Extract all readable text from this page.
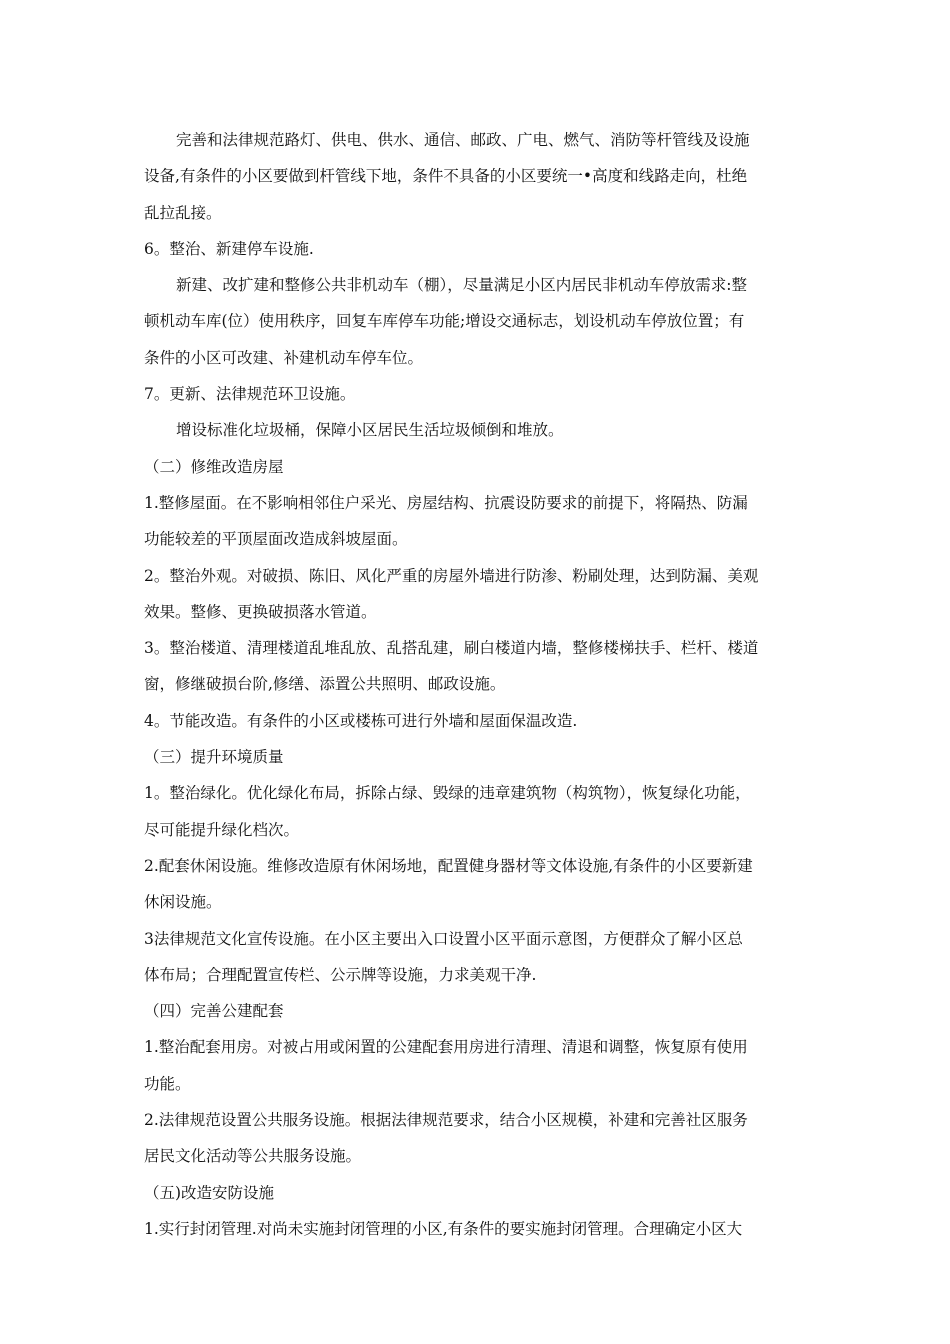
完善和法律规范路灯、供电、供水、通信、邮政、广电、燃气、消防等杆管线及设施
设备,有条件的小区要做到杆管线下地，条件不具备的小区要统一•高度和线路走向，杜绝
乱拉乱接。
6。整治、新建停车设施.
新建、改扩建和整修公共非机动车（棚），尽量满足小区内居民非机动车停放需求:整
顿机动车库(位）使用秩序，回复车库停车功能;增设交通标志，划设机动车停放位置；有
条件的小区可改建、补建机动车停车位。
7。更新、法律规范环卫设施。
增设标准化垃圾桶，保障小区居民生活垃圾倾倒和堆放。
（二）修维改造房屋
1.整修屋面。在不影响相邻住户采光、房屋结构、抗震设防要求的前提下，将隔热、防漏
功能较差的平顶屋面改造成斜坡屋面。
2。整治外观。对破损、陈旧、风化严重的房屋外墙进行防渗、粉刷处理，达到防漏、美观
效果。整修、更换破损落水管道。
3。整治楼道、清理楼道乱堆乱放、乱搭乱建，刷白楼道内墙，整修楼梯扶手、栏杆、楼道
窗，修继破损台阶,修缮、添置公共照明、邮政设施。
4。节能改造。有条件的小区或楼栋可进行外墙和屋面保温改造.
（三）提升环境质量
1。整治绿化。优化绿化布局，拆除占绿、毁绿的违章建筑物（构筑物），恢复绿化功能，
尽可能提升绿化档次。
2.配套休闲设施。维修改造原有休闲场地，配置健身器材等文体设施,有条件的小区要新建
休闲设施。
3法律规范文化宣传设施。在小区主要出入口设置小区平面示意图，方便群众了解小区总
体布局；合理配置宣传栏、公示牌等设施，力求美观干净.
（四）完善公建配套
1.整治配套用房。对被占用或闲置的公建配套用房进行清理、清退和调整，恢复原有使用
功能。
2.法律规范设置公共服务设施。根据法律规范要求，结合小区规模，补建和完善社区服务
居民文化活动等公共服务设施。
（五)改造安防设施
1.实行封闭管理.对尚未实施封闭管理的小区,有条件的要实施封闭管理。合理确定小区大
